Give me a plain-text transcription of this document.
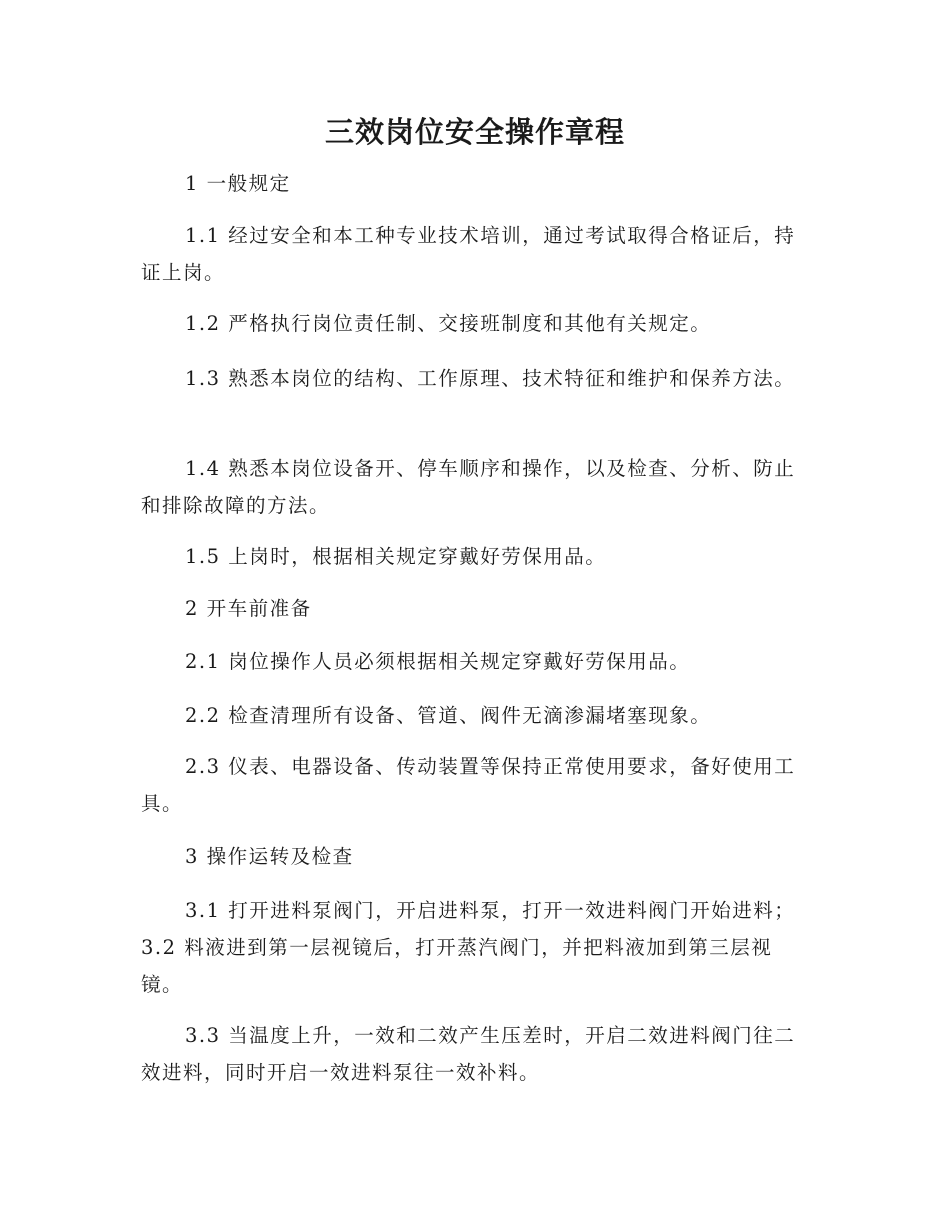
三效岗位安全操作章程

1 一般规定

1.1 经过安全和本工种专业技术培训，通过考试取得合格证后，持证上岗。

1.2 严格执行岗位责任制、交接班制度和其他有关规定。

1.3 熟悉本岗位的结构、工作原理、技术特征和维护和保养方法。

1.4 熟悉本岗位设备开、停车顺序和操作，以及检查、分析、防止和排除故障的方法。

1.5 上岗时，根据相关规定穿戴好劳保用品。

2 开车前准备

2.1 岗位操作人员必须根据相关规定穿戴好劳保用品。

2.2 检查清理所有设备、管道、阀件无滴渗漏堵塞现象。

2.3 仪表、电器设备、传动装置等保持正常使用要求，备好使用工具。

3 操作运转及检查

3.1 打开进料泵阀门，开启进料泵，打开一效进料阀门开始进料；3.2 料液进到第一层视镜后，打开蒸汽阀门，并把料液加到第三层视镜。

3.3 当温度上升，一效和二效产生压差时，开启二效进料阀门往二效进料，同时开启一效进料泵往一效补料。
